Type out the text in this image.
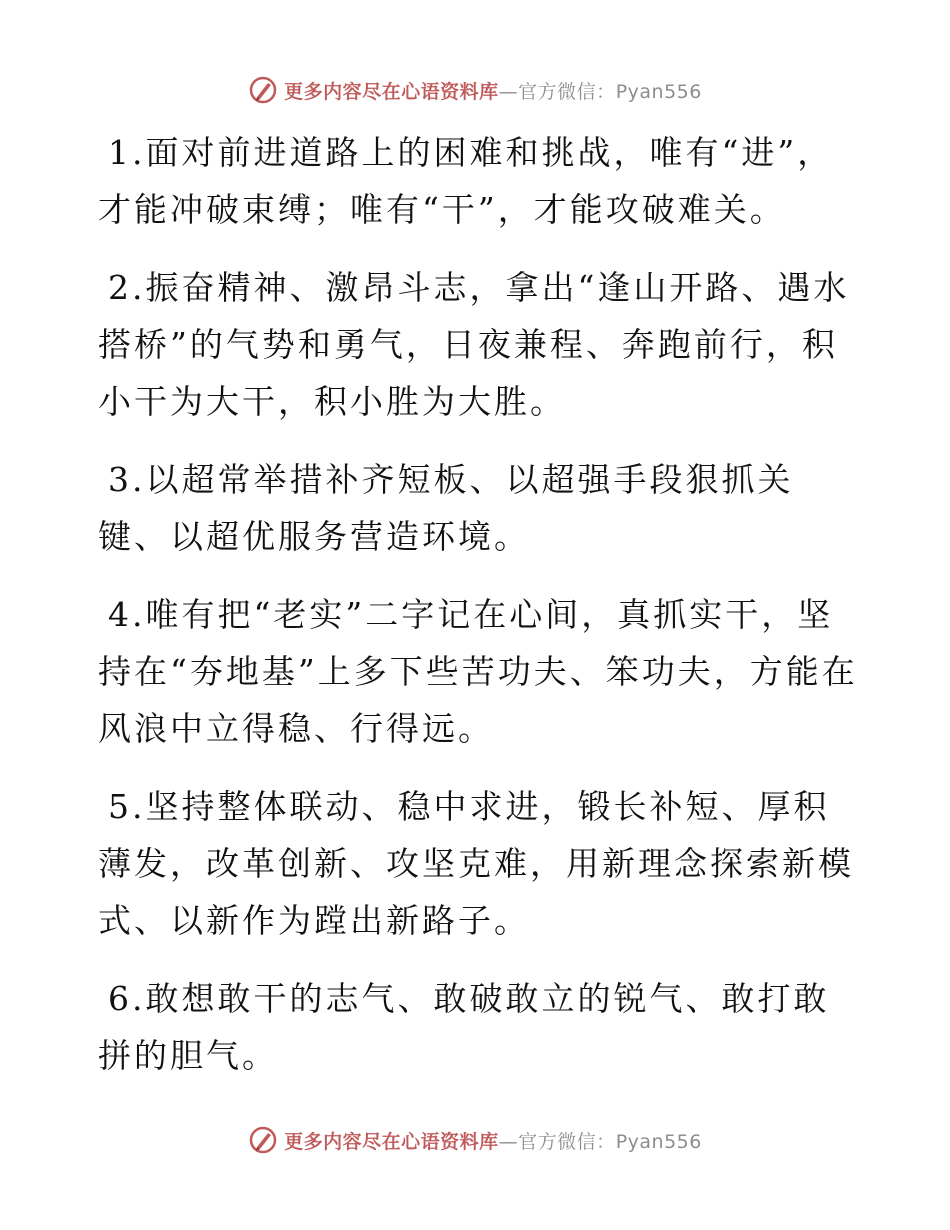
更多内容尽在心语资料库—官方微信：Pyan556

1.面对前进道路上的困难和挑战，唯有“进”，才能冲破束缚；唯有“干”，才能攻破难关。

2.振奋精神、激昂斗志，拿出“逢山开路、遇水搭桥”的气势和勇气，日夜兼程、奔跑前行，积小干为大干，积小胜为大胜。

3.以超常举措补齐短板、以超强手段狠抓关键、以超优服务营造环境。

4.唯有把“老实”二字记在心间，真抓实干，坚持在“夯地基”上多下些苦功夫、笨功夫，方能在风浪中立得稳、行得远。

5.坚持整体联动、稳中求进，锻长补短、厚积薄发，改革创新、攻坚克难，用新理念探索新模式、以新作为蹚出新路子。

6.敢想敢干的志气、敢破敢立的锐气、敢打敢拼的胆气。

更多内容尽在心语资料库—官方微信：Pyan556
